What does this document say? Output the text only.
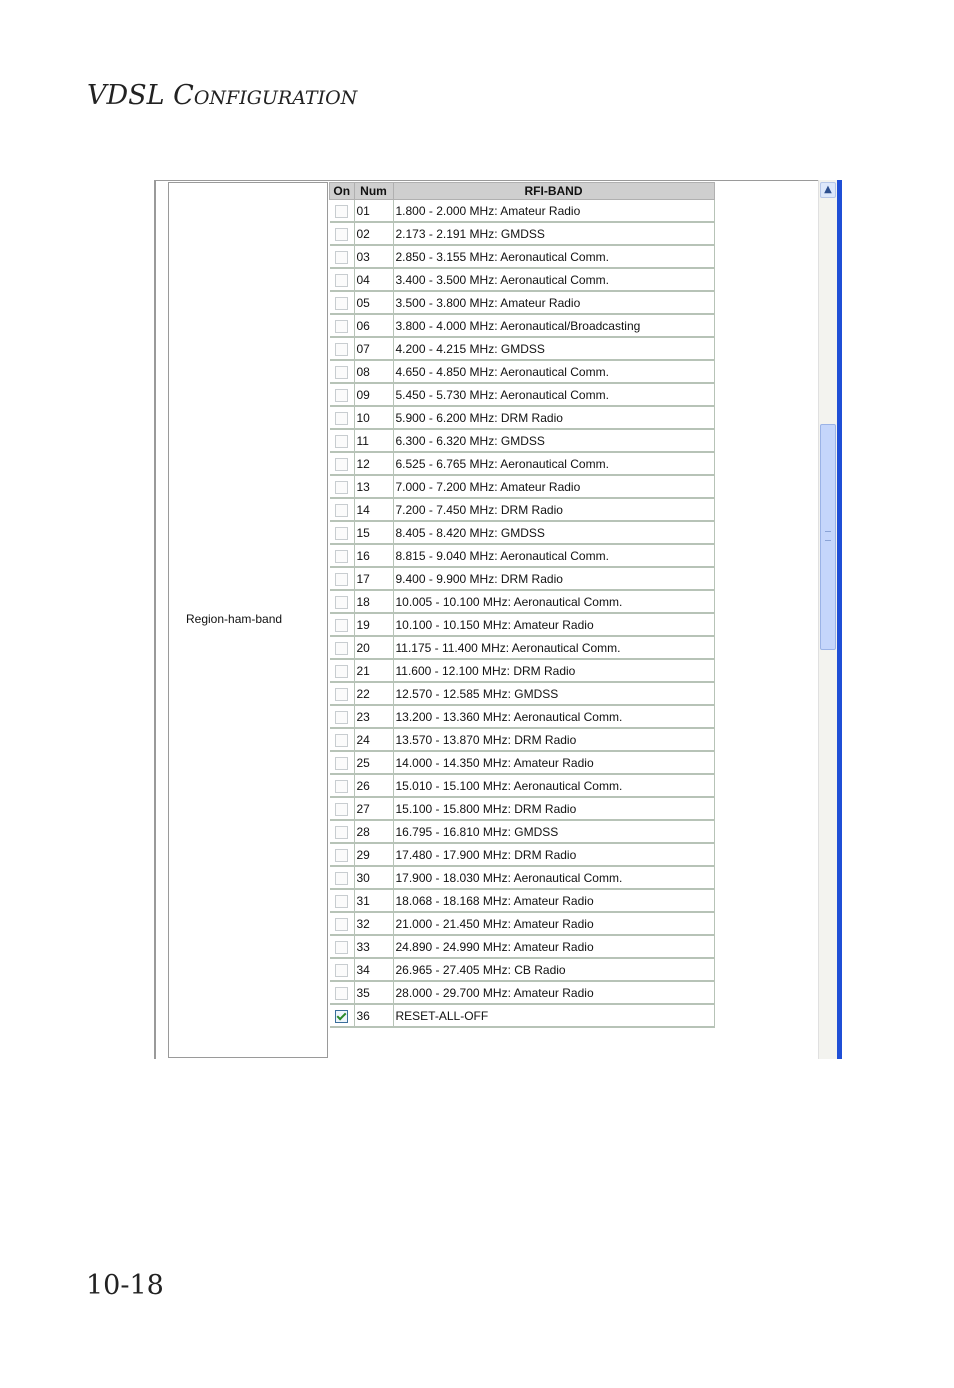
VDSL CONFIGURATION
Region-ham-band
On	Num	RFI-BAND
	01	1.800 - 2.000 MHz: Amateur Radio
	02	2.173 - 2.191 MHz: GMDSS
	03	2.850 - 3.155 MHz: Aeronautical Comm.
	04	3.400 - 3.500 MHz: Aeronautical Comm.
	05	3.500 - 3.800 MHz: Amateur Radio
	06	3.800 - 4.000 MHz: Aeronautical/Broadcasting
	07	4.200 - 4.215 MHz: GMDSS
	08	4.650 - 4.850 MHz: Aeronautical Comm.
	09	5.450 - 5.730 MHz: Aeronautical Comm.
	10	5.900 - 6.200 MHz: DRM Radio
	11	6.300 - 6.320 MHz: GMDSS
	12	6.525 - 6.765 MHz: Aeronautical Comm.
	13	7.000 - 7.200 MHz: Amateur Radio
	14	7.200 - 7.450 MHz: DRM Radio
	15	8.405 - 8.420 MHz: GMDSS
	16	8.815 - 9.040 MHz: Aeronautical Comm.
	17	9.400 - 9.900 MHz: DRM Radio
	18	10.005 - 10.100 MHz: Aeronautical Comm.
	19	10.100 - 10.150 MHz: Amateur Radio
	20	11.175 - 11.400 MHz: Aeronautical Comm.
	21	11.600 - 12.100 MHz: DRM Radio
	22	12.570 - 12.585 MHz: GMDSS
	23	13.200 - 13.360 MHz: Aeronautical Comm.
	24	13.570 - 13.870 MHz: DRM Radio
	25	14.000 - 14.350 MHz: Amateur Radio
	26	15.010 - 15.100 MHz: Aeronautical Comm.
	27	15.100 - 15.800 MHz: DRM Radio
	28	16.795 - 16.810 MHz: GMDSS
	29	17.480 - 17.900 MHz: DRM Radio
	30	17.900 - 18.030 MHz: Aeronautical Comm.
	31	18.068 - 18.168 MHz: Amateur Radio
	32	21.000 - 21.450 MHz: Amateur Radio
	33	24.890 - 24.990 MHz: Amateur Radio
	34	26.965 - 27.405 MHz: CB Radio
	35	28.000 - 29.700 MHz: Amateur Radio
	36	RESET-ALL-OFF
▲
10-18
